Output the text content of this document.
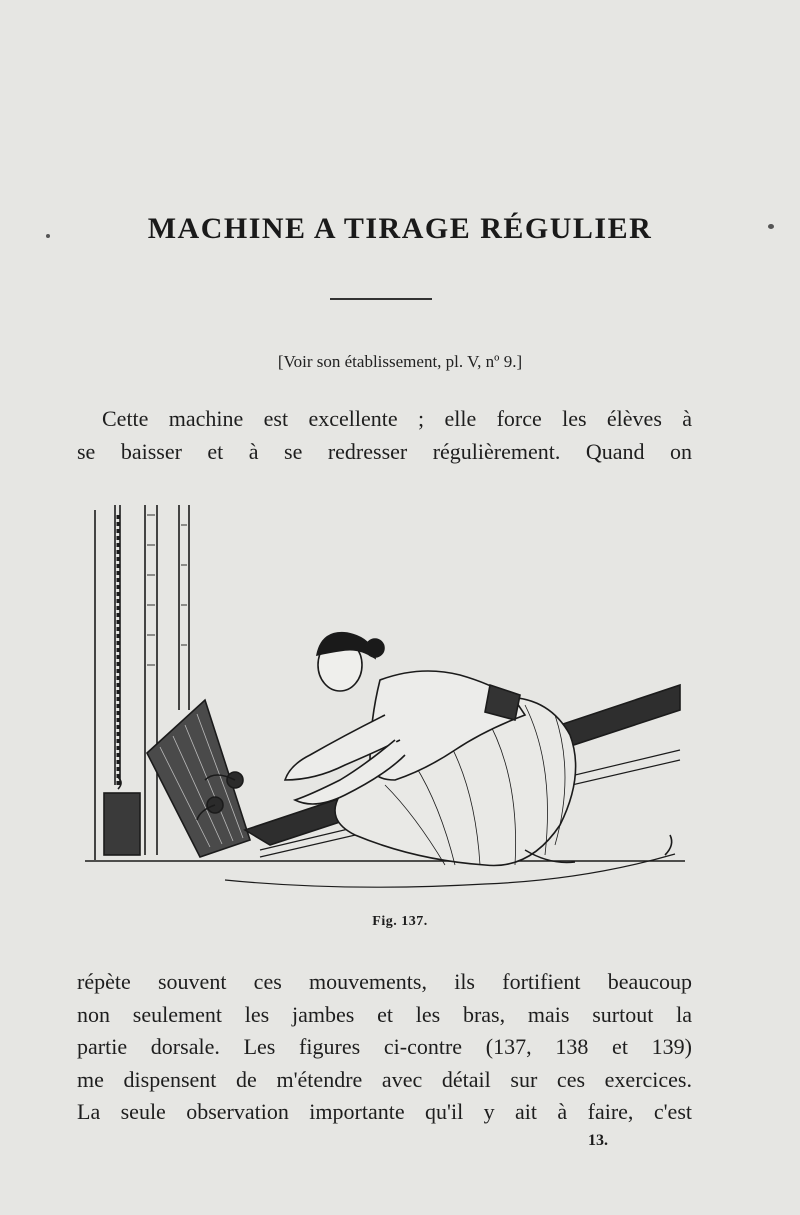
MACHINE A TIRAGE RÉGULIER
[Voir son établissement, pl. V, nº 9.]
Cette machine est excellente ; elle force les élèves à
se baisser et à se redresser régulièrement. Quand on
Fig. 137.
répète souvent ces mouvements, ils fortifient beaucoup
non seulement les jambes et les bras, mais surtout la
partie dorsale. Les figures ci-contre (137, 138 et 139)
me dispensent de m'étendre avec détail sur ces exercices.
La seule observation importante qu'il y ait à faire, c'est
13.
